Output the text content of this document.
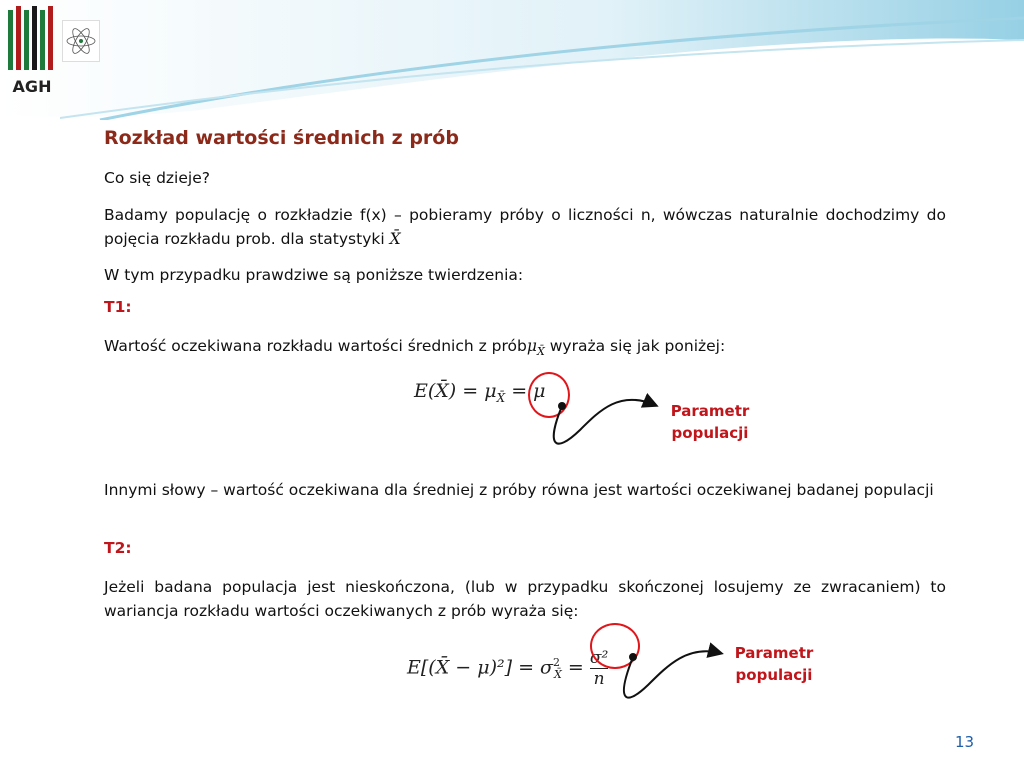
AGH
Rozkład wartości średnich z prób

Co się dzieje?

Badamy populację o rozkładzie f(x) – pobieramy próby o liczności n, wówczas naturalnie dochodzimy do pojęcia rozkładu prob. dla statystyki X̄

W tym przypadku prawdziwe są poniższe twierdzenia:

T1:

Wartość oczekiwana rozkładu wartości średnich z próbμ$_{X̄}$ wyraża się jak poniżej:

E(X̄) = $\mu_{X̄} = \mu$
Parametr
populacji

Innymi słowy – wartość oczekiwana dla średniej z próby równa jest wartości oczekiwanej badanej populacji

T2:

Jeżeli badana populacja jest nieskończona, (lub w przypadku skończonej losujemy ze zwracaniem) to wariancja rozkładu wartości oczekiwanych z prób wyraża się:

E[(X̄ − $\mu)^2] = \sigma^2_{X̄} = \frac{\text{σ²}}{n}$	Parametr
populacji
13
